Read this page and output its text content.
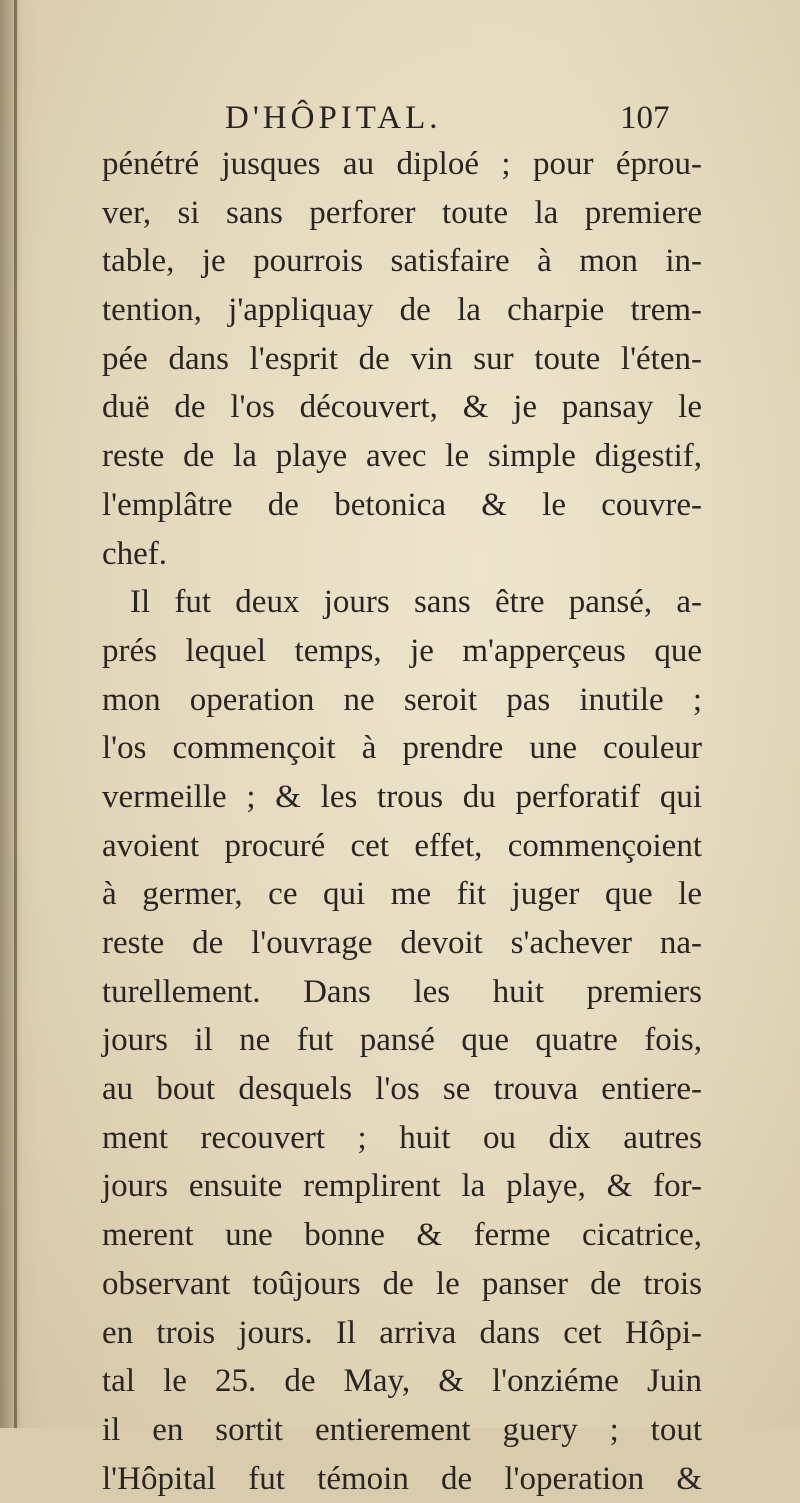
D'HÔPITAL.	107
pénétré jusques au diploé ; pour éprou-
ver, si sans perforer toute la premiere
table, je pourrois satisfaire à mon in-
tention, j'appliquay de la charpie trem-
pée dans l'esprit de vin sur toute l'éten-
duë de l'os découvert, & je pansay le
reste de la playe avec le simple digestif,
l'emplâtre de betonica & le couvre-
chef.
Il fut deux jours sans être pansé, a-
prés lequel temps, je m'apperçeus que
mon operation ne seroit pas inutile ;
l'os commençoit à prendre une couleur
vermeille ; & les trous du perforatif qui
avoient procuré cet effet, commençoient
à germer, ce qui me fit juger que le
reste de l'ouvrage devoit s'achever na-
turellement. Dans les huit premiers
jours il ne fut pansé que quatre fois,
au bout desquels l'os se trouva entiere-
ment recouvert ; huit ou dix autres
jours ensuite remplirent la playe, & for-
merent une bonne & ferme cicatrice,
observant toûjours de le panser de trois
en trois jours. Il arriva dans cet Hôpi-
tal le 25. de May, & l'onziéme Juin
il en sortit entierement guery ; tout
l'Hôpital fut témoin de l'operation &
